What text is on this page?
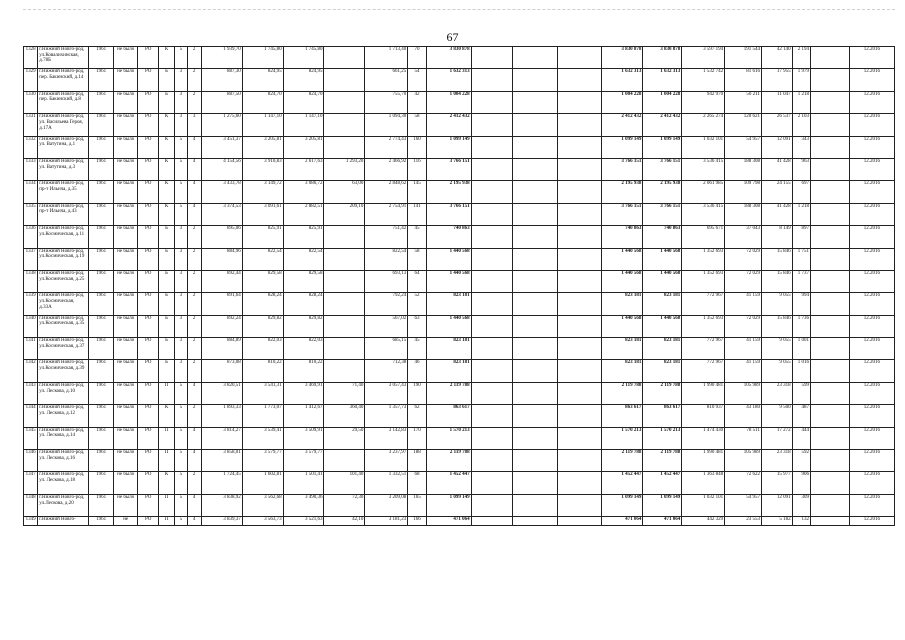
67
1328	г.Нижний Новго-род, ул.Ковалихинская, д.78Б	1961	не было	РО	К	5	2	1 939,70	1 745,80	1 745,80		1 713,40	70	3 830 878				3 830 878	3 830 878	3 597 194	191 544	42 140	2 194		12.2016
1329	г.Нижний Новго-род, пер. Бакинский, д.14	1961	не было	РО	Б	3	2	887,30	824,95	824,95		661,25	54	1 632 313				1 632 313	1 632 313	1 532 742	81 616	17 955	1 979		12.2016
1330	г.Нижний Новго-род, пер. Бакинский, д.8	1961	не было	РО	Б	3	2	887,50	824,70	824,70		755,70	42	1 004 228				1 004 228	1 004 228	942 970	50 211	11 047	1 218		12.2016
1331	г.Нижний Новго-род, ул. Васильева Героя, д.17А	1961	не было	РО	К	3	3	1 275,60	1 147,10	1 147,10		1 094,30	58	2 412 432				2 412 432	2 412 432	2 265 274	120 621	26 537	2 103		12.2016
1332	г.Нижний Новго-род, ул. Ватутина, д.1	1961	не было	РО	К	5	4	3 451,37	3 205,81	3 205,81		2 774,43	160	1 099 149				1 099 149	1 099 149	1 032 101	54 957	12 091	343		12.2016
1333	г.Нижний Новго-род, ул. Ватутина, д.3	1961	не было	РО	К	5	4	4 154,56	3 910,83	2 617,63	1 293,20	2 466,92	116	3 766 151				3 766 151	3 766 151	3 536 415	188 308	41 428	963		12.2016
1334	г.Нижний Новго-род, пр-т Ильича, д.35	1961	не было	РО	К	5	4	3 433,78	3 149,72	3 086,72	63,00	2 848,62	145	2 195 938				2 195 938	2 195 938	2 061 985	109 798	24 155	697		12.2016
1335	г.Нижний Новго-род, пр-т Ильича, д.43	1961	не было	РО	К	5	4	3 374,53	3 091,61	2 882,51	209,10	2 754,91	141	3 766 151				3 766 151	3 766 151	3 536 415	188 308	41 428	1 218		12.2016
1336	г.Нижний Новго-род, ул.Космическая, д.11	1961	не было	РО	Б	3	2	895,06	825,91	825,91		751,42	45	740 863				740 863	740 863	695 671	37 043	8 149	897		12.2016
1337	г.Нижний Новго-род, ул.Космическая, д.19	1961	не было	РО	Б	3	2	884,96	822,54	822,54		822,54	58	1 440 568				1 440 568	1 440 568	1 352 693	72 029	15 846	1 751		12.2016
1338	г.Нижний Новго-род, ул.Космическая, д.25	1961	не было	РО	Б	3	2	892,44	829,58	829,58		693,13	64	1 440 568				1 440 568	1 440 568	1 352 693	72 029	15 846	1 737		12.2016
1339	г.Нижний Новго-род, ул.Космическая, д.33А	1961	не было	РО	Б	3	2	891,64	828,24	828,24		792,24	52	823 181				823 181	823 181	772 967	41 159	9 055	994		12.2016
1340	г.Нижний Новго-род, ул.Космическая, д.35	1961	не было	РО	Б	3	2	892,24	829,82	829,82		567,02	63	1 440 568				1 440 568	1 440 568	1 352 693	72 029	15 846	1 736		12.2016
1341	г.Нижний Новго-род, ул.Космическая, д.37	1961	не было	РО	Б	3	2	884,89	822,03	822,03		685,15	45	823 181				823 181	823 181	772 967	41 159	9 055	1 001		12.2016
1342	г.Нижний Новго-род, ул.Космическая, д.39	1961	не было	РО	Б	3	2	873,08	810,22	810,22		712,38	46	823 181				823 181	823 181	772 967	41 159	9 055	1 016		12.2016
1343	г.Нижний Новго-род, ул. Лескова, д.10	1961	не было	РО	П	5	4	3 820,51	3 541,31	3 469,91	71,40	3 057,43	190	2 119 788				2 119 788	2 119 788	1 990 481	105 989	23 318	599		12.2016
1344	г.Нижний Новго-род, ул. Лескова, д.12	1961	не было	РО	К	5	2	1 893,33	1 773,07	1 412,67	360,40	1 357,73	62	863 617				863 617	863 617	810 937	43 180	9 500	487		12.2016
1345	г.Нижний Новго-род, ул. Лескова, д.14	1961	не было	РО	П	5	4	3 814,27	3 539,41	3 509,91	29,50	3 142,83	170	1 570 213				1 570 213	1 570 213	1 474 430	78 511	17 272	444		12.2016
1346	г.Нижний Новго-род, ул. Лескова, д.16	1961	не было	РО	П	5	4	3 858,01	3 579,77	3 579,77		3 237,97	188	2 119 788				2 119 788	2 119 788	1 990 481	105 989	23 318	592		12.2016
1347	г.Нижний Новго-род, ул. Лескова, д.18	1961	не было	РО	К	5	2	1 724,45	1 602,81	1 501,41	101,40	1 332,51	68	1 452 447				1 452 447	1 452 447	1 363 848	72 622	15 977	906		12.2016
1348	г.Нижний Новго-род, ул.Лескова, д.20	1961	не было	РО	П	5	4	3 838,92	3 562,68	3 490,36	72,30	3 209,08	165	1 099 149				1 099 149	1 099 149	1 032 101	54 957	12 091	309		12.2016
1349	г.Нижний Новго-	1961	не	РО	П	5	4	3 839,37	3 563,73	3 521,63	42,10	3 181,23	166	471 064				471 064	471 064	442 329	23 553	5 182	132		12.2016
